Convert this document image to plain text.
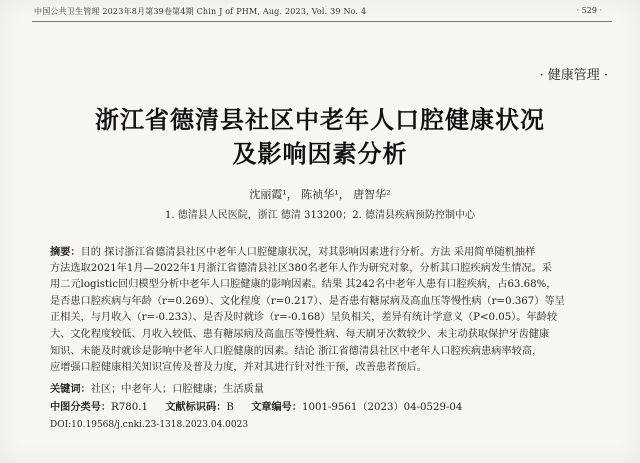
中国公共卫生管理 2023年8月第39卷第4期 Chin J of PHM, Aug. 2023, Vol. 39 No. 4	· 529 ·
· 健康管理 ·
浙江省德清县社区中老年人口腔健康状况
及影响因素分析
沈丽霞¹， 陈祯华¹， 唐智华²
1. 德清县人民医院，浙江 德清 313200；2. 德清县疾病预防控制中心
摘要：目的 探讨浙江省德清县社区中老年人口腔健康状况，对其影响因素进行分析。方法 采用简单随机抽样
方法选取2021年1月—2022年1月浙江省德清县社区380名老年人作为研究对象，分析其口腔疾病发生情况。采
用二元logistic回归模型分析中老年人口腔健康的影响因素。结果 其242名中老年人患有口腔疾病，占63.68%，
是否患口腔疾病与年龄（r=0.269）、文化程度（r=0.217）、是否患有糖尿病及高血压等慢性病（r=0.367）等呈
正相关，与月收入（r=-0.233）、是否及时就诊（r=-0.168）呈负相关，差异有统计学意义（P<0.05）。年龄较
大、文化程度较低、月收入较低、患有糖尿病及高血压等慢性病、每天刷牙次数较少、未主动获取保护牙齿健康
知识、未能及时就诊是影响中老年人口腔健康的因素。结论 浙江省德清县社区中老年人口腔疾病患病率较高，
应增强口腔健康相关知识宣传及普及力度，并对其进行针对性干预，改善患者预后。
关键词：社区；中老年人；口腔健康；生活质量
中图分类号：R780.1 文献标识码：B 文章编号：1001-9561（2023）04-0529-04
DOI:10.19568/j.cnki.23-1318.2023.04.0023
